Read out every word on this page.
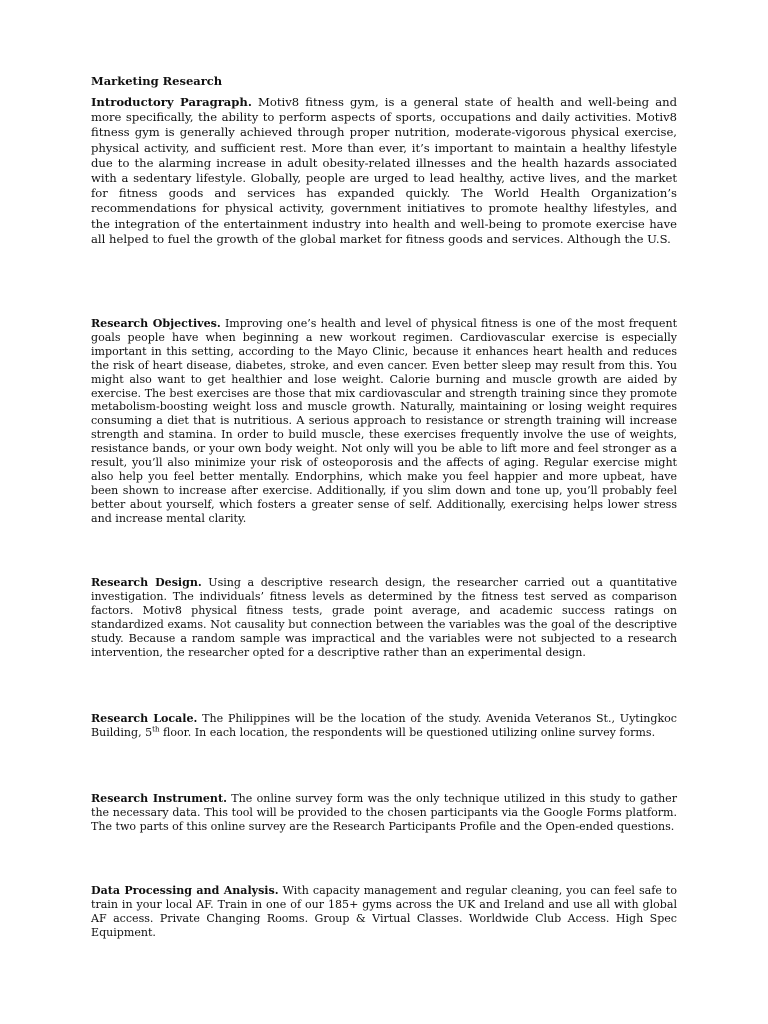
Marketing Research

Introductory Paragraph. Motiv8 fitness gym, is a general state of health and well-being and more specifically, the ability to perform aspects of sports, occupations and daily activities. Motiv8 fitness gym is generally achieved through proper nutrition, moderate-vigorous physical exercise, physical activity, and sufficient rest. More than ever, it’s important to maintain a healthy lifestyle due to the alarming increase in adult obesity-related illnesses and the health hazards associated with a sedentary lifestyle. Globally, people are urged to lead healthy, active lives, and the market for fitness goods and services has expanded quickly. The World Health Organization’s recommendations for physical activity, government initiatives to promote healthy lifestyles, and the integration of the entertainment industry into health and well-being to promote exercise have all helped to fuel the growth of the global market for fitness goods and services. Although the U.S.

Research Objectives. Improving one’s health and level of physical fitness is one of the most frequent goals people have when beginning a new workout regimen. Cardiovascular exercise is especially important in this setting, according to the Mayo Clinic, because it enhances heart health and reduces the risk of heart disease, diabetes, stroke, and even cancer. Even better sleep may result from this. You might also want to get healthier and lose weight. Calorie burning and muscle growth are aided by exercise. The best exercises are those that mix cardiovascular and strength training since they promote metabolism-boosting weight loss and muscle growth. Naturally, maintaining or losing weight requires consuming a diet that is nutritious. A serious approach to resistance or strength training will increase strength and stamina. In order to build muscle, these exercises frequently involve the use of weights, resistance bands, or your own body weight. Not only will you be able to lift more and feel stronger as a result, you’ll also minimize your risk of osteoporosis and the affects of aging. Regular exercise might also help you feel better mentally. Endorphins, which make you feel happier and more upbeat, have been shown to increase after exercise. Additionally, if you slim down and tone up, you’ll probably feel better about yourself, which fosters a greater sense of self. Additionally, exercising helps lower stress and increase mental clarity.

Research Design. Using a descriptive research design, the researcher carried out a quantitative investigation. The individuals’ fitness levels as determined by the fitness test served as comparison factors. Motiv8 physical fitness tests, grade point average, and academic success ratings on standardized exams. Not causality but connection between the variables was the goal of the descriptive study. Because a random sample was impractical and the variables were not subjected to a research intervention, the researcher opted for a descriptive rather than an experimental design.

Research Locale. The Philippines will be the location of the study. Avenida Veteranos St., Uytingkoc Building, 5th floor. In each location, the respondents will be questioned utilizing online survey forms.

Research Instrument. The online survey form was the only technique utilized in this study to gather the necessary data. This tool will be provided to the chosen participants via the Google Forms platform. The two parts of this online survey are the Research Participants Profile and the Open-ended questions.

Data Processing and Analysis. With capacity management and regular cleaning, you can feel safe to train in your local AF. Train in one of our 185+ gyms across the UK and Ireland and use all with global AF access. Private Changing Rooms. Group & Virtual Classes. Worldwide Club Access. High Spec Equipment.
